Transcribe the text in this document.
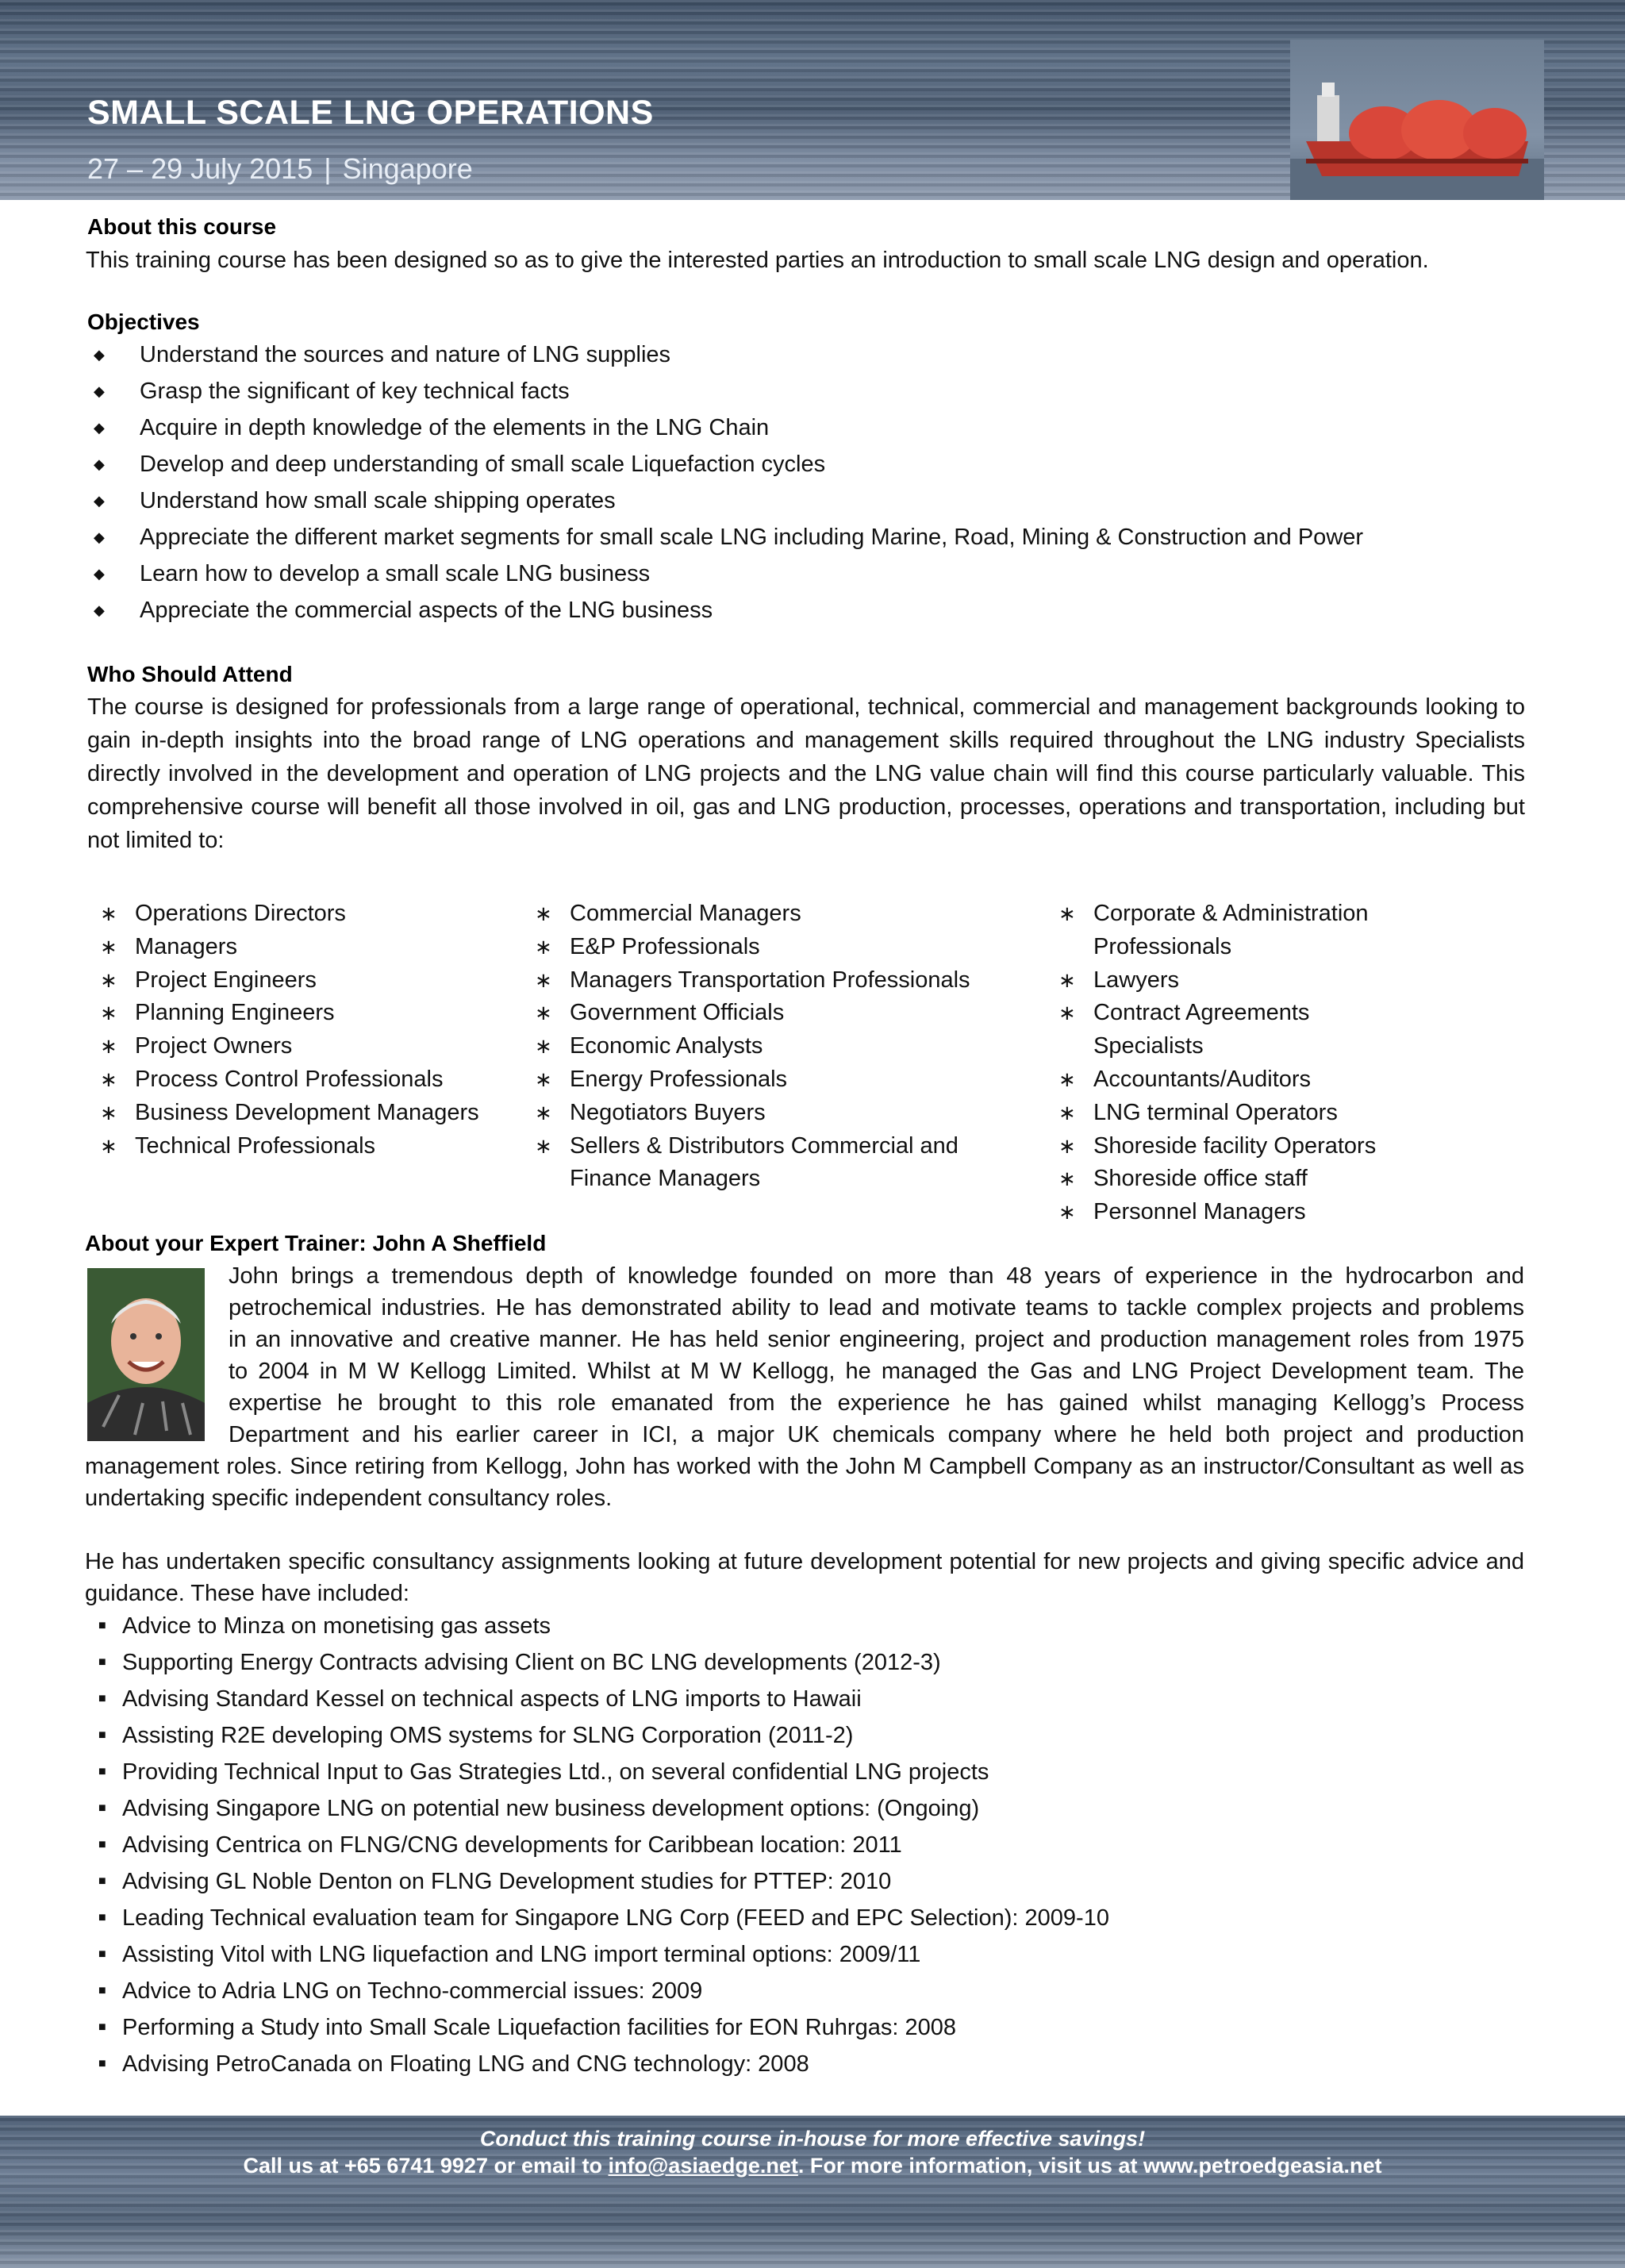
SMALL SCALE LNG OPERATIONS
27 – 29 July 2015 | Singapore
About this course

This training course has been designed so as to give the interested parties an introduction to small scale LNG design and operation.

Objectives
◆ Understand the sources and nature of LNG supplies
◆ Grasp the significant of key technical facts
◆ Acquire in depth knowledge of the elements in the LNG Chain
◆ Develop and deep understanding of small scale Liquefaction cycles
◆ Understand how small scale shipping operates
◆ Appreciate the different market segments for small scale LNG including Marine, Road, Mining & Construction and Power
◆ Learn how to develop a small scale LNG business
◆ Appreciate the commercial aspects of the LNG business
Who Should Attend

The course is designed for professionals from a large range of operational, technical, commercial and management backgrounds looking to gain in-depth insights into the broad range of LNG operations and management skills required throughout the LNG industry Specialists directly involved in the development and operation of LNG projects and the LNG value chain will find this course particularly valuable. This comprehensive course will benefit all those involved in oil, gas and LNG production, processes, operations and transportation, including but not limited to:

∗ Operations Directors
∗ Managers
∗ Project Engineers
∗ Planning Engineers
∗ Project Owners
∗ Process Control Professionals
∗ Business Development Managers
∗ Technical Professionals
∗ Commercial Managers
∗ E&P Professionals
∗ Managers Transportation Professionals
∗ Government Officials
∗ Economic Analysts
∗ Energy Professionals
∗ Negotiators Buyers
∗ Sellers & Distributors Commercial and Finance Managers
∗ Corporate & Administration Professionals
∗ Lawyers
∗ Contract Agreements Specialists
∗ Accountants/Auditors
∗ LNG terminal Operators
∗ Shoreside facility Operators
∗ Shoreside office staff
∗ Personnel Managers
About your Expert Trainer: John A Sheffield
John brings a tremendous depth of knowledge founded on more than 48 years of experience in the hydrocarbon and
petrochemical industries. He has demonstrated ability to lead and motivate teams to tackle complex projects and problems
in an innovative and creative manner. He has held senior engineering, project and production management roles from 1975
to 2004 in M W Kellogg Limited. Whilst at M W Kellogg, he managed the Gas and LNG Project Development team. The
expertise he brought to this role emanated from the experience he has gained whilst managing Kellogg’s Process
Department and his earlier career in ICI, a major UK chemicals company where he held both project and production

management roles. Since retiring from Kellogg, John has worked with the John M Campbell Company as an instructor/Consultant as well as undertaking specific independent consultancy roles.

He has undertaken specific consultancy assignments looking at future development potential for new projects and giving specific advice and guidance. These have included:

■ Advice to Minza on monetising gas assets
■ Supporting Energy Contracts advising Client on BC LNG developments (2012-3)
■ Advising Standard Kessel on technical aspects of LNG imports to Hawaii
■ Assisting R2E developing OMS systems for SLNG Corporation (2011-2)
■ Providing Technical Input to Gas Strategies Ltd., on several confidential LNG projects
■ Advising Singapore LNG on potential new business development options: (Ongoing)
■ Advising Centrica on FLNG/CNG developments for Caribbean location: 2011
■ Advising GL Noble Denton on FLNG Development studies for PTTEP: 2010
■ Leading Technical evaluation team for Singapore LNG Corp (FEED and EPC Selection): 2009-10
■ Assisting Vitol with LNG liquefaction and LNG import terminal options: 2009/11
■ Advice to Adria LNG on Techno-commercial issues: 2009
■ Performing a Study into Small Scale Liquefaction facilities for EON Ruhrgas: 2008
■ Advising PetroCanada on Floating LNG and CNG technology: 2008
Conduct this training course in-house for more effective savings!
Call us at +65 6741 9927 or email to info@asiaedge.net. For more information, visit us at www.petroedgeasia.net
